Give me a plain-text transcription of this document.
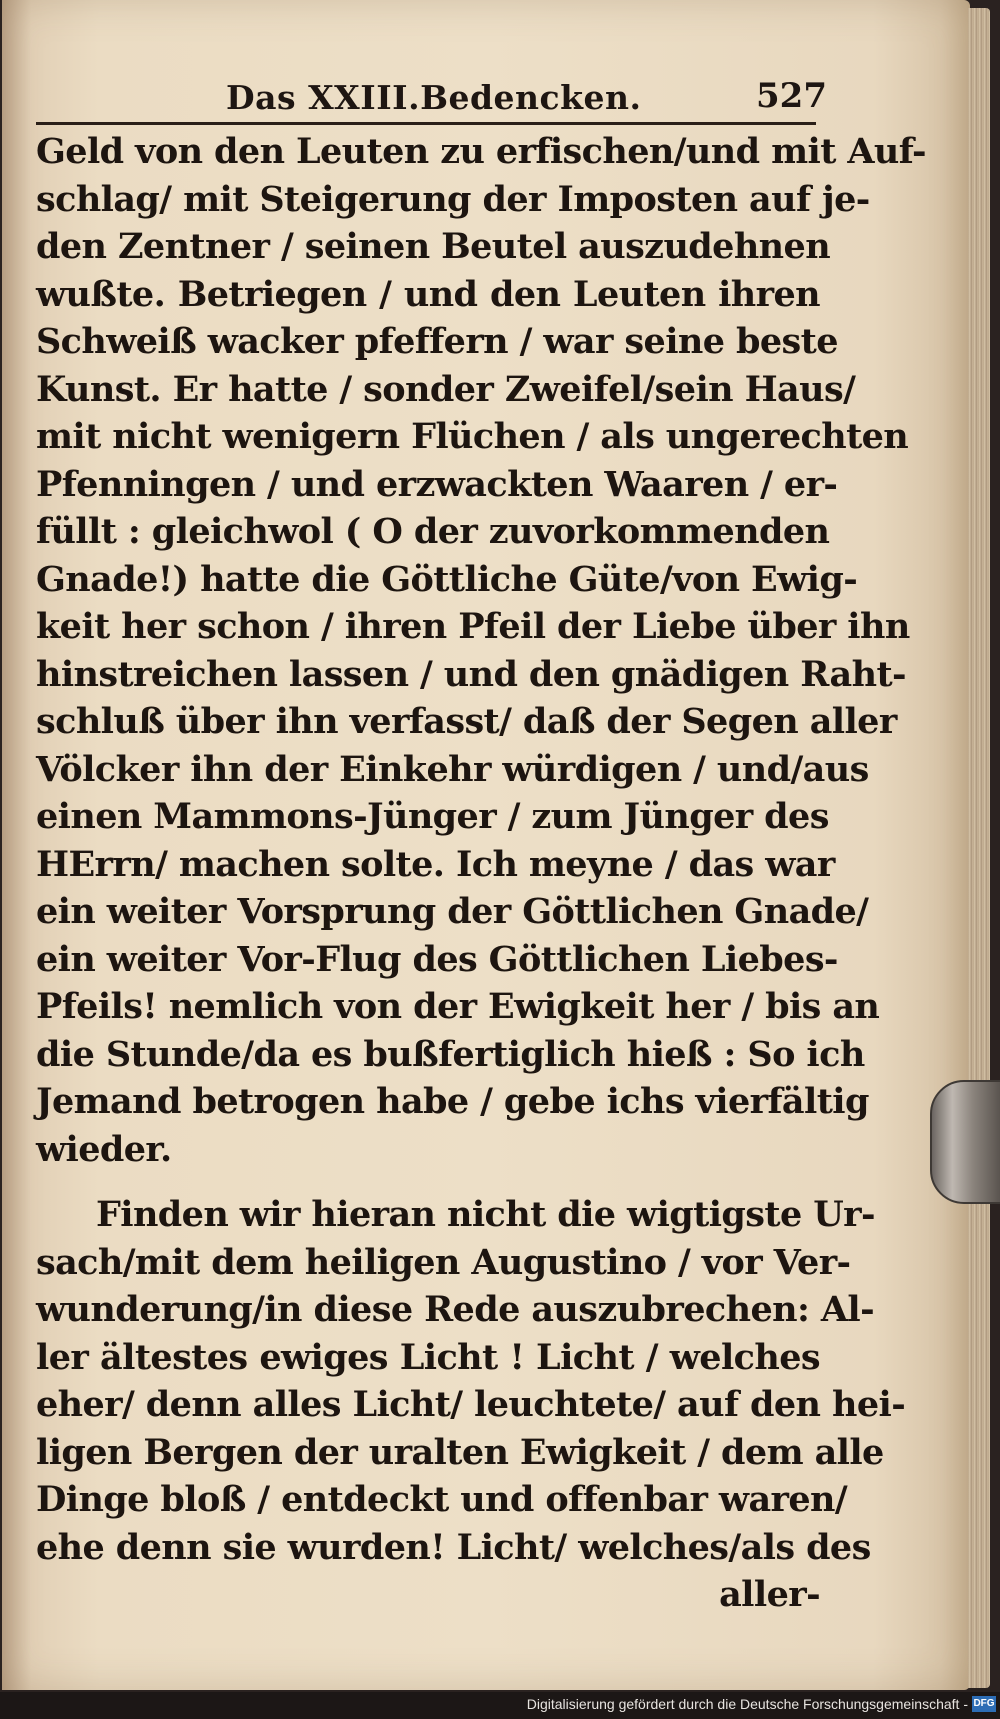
Das XXIII.Bedencken.	527
Geld von den Leuten zu erfischen/und mit Auf-
schlag/ mit Steigerung der Imposten auf je-
den Zentner / seinen Beutel auszudehnen
wußte. Betriegen / und den Leuten ihren
Schweiß wacker pfeffern / war seine beste
Kunst. Er hatte / sonder Zweifel/sein Haus/
mit nicht wenigern Flüchen / als ungerechten
Pfenningen / und erzwackten Waaren / er-
füllt : gleichwol ( O der zuvorkommenden
Gnade!) hatte die Göttliche Güte/von Ewig-
keit her schon / ihren Pfeil der Liebe über ihn
hinstreichen lassen / und den gnädigen Raht-
schluß über ihn verfasst/ daß der Segen aller
Völcker ihn der Einkehr würdigen / und/aus
einen Mammons-Jünger / zum Jünger des
HErrn/ machen solte. Ich meyne / das war
ein weiter Vorsprung der Göttlichen Gnade/
ein weiter Vor-Flug des Göttlichen Liebes-
Pfeils! nemlich von der Ewigkeit her / bis an
die Stunde/da es bußfertiglich hieß : So ich
Jemand betrogen habe / gebe ichs vierfältig
wieder.
Finden wir hieran nicht die wigtigste Ur-
sach/mit dem heiligen Augustino / vor Ver-
wunderung/in diese Rede auszubrechen: Al-
ler ältestes ewiges Licht ! Licht / welches
eher/ denn alles Licht/ leuchtete/ auf den hei-
ligen Bergen der uralten Ewigkeit / dem alle
Dinge bloß / entdeckt und offenbar waren/
ehe denn sie wurden! Licht/ welches/als des
aller-
Digitalisierung gefördert durch die Deutsche Forschungsgemeinschaft - DFG
